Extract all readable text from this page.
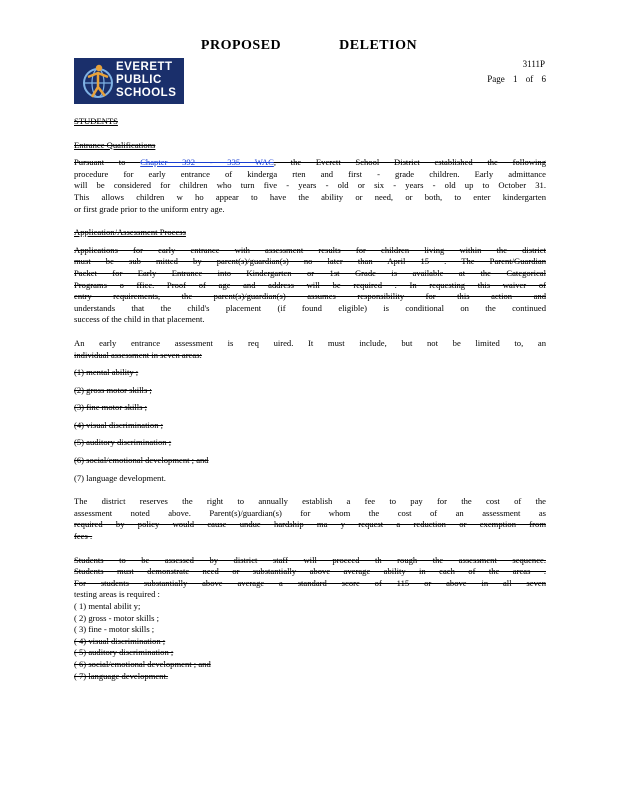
PROPOSED	DELETION
EVERETT
PUBLIC
SCHOOLS
3111P
Page 1 of 6
STUDENTS
Entrance Qualifications
Pursuant to Chapter 392 - 335 WAC, the Everett School District established the following
procedure for early entrance of kinderga rten and first - grade children. Early admittance
will be considered for children who turn five - years - old or six - years - old up to October 31.
This allows children w ho appear to have the ability or need, or both, to enter kindergarten
or first grade prior to the uniform entry age.
Application/Assessment Process
Applications for early entrance with assessment results for children living within the district
must be sub mitted by parent(s)/guardian(s) no later than April 15 . The Parent/Guardian
Packet for Early Entrance into Kindergarten or 1st Grade is available at the Categorical
Programs o ffice. Proof of age and address will be required . In requesting this waiver of
entry requirements, the parent(s)/guardian(s) assumes responsibility for this action and
understands that the child's placement (if found eligible) is conditional on the continued
success of the child in that placement.
An early entrance assessment is req uired. It must include, but not be limited to, an
individual assessment in seven areas:
(1) mental ability ;
(2) gross motor skills ;
(3) fine motor skills ;
(4) visual discrimination ;
(5) auditory discrimination ;
(6) social/emotional development ; and
(7) language development.
The district reserves the right to annually establish a fee to pay for the cost of the
assessment noted above. Parent(s)/guardian(s) for whom the cost of an assessment as
required by policy would cause undue hardship ma y request a reduction or exemption from
fees .
Students to be assessed by district staff will proceed th rough the assessment sequence.
Students must demonstrate need or substantially above average ability in each of the areas .
For students substantially above average a standard score of 115 or above in all seven
testing areas is required :
( 1) mental abilit y;
( 2) gross - motor skills ;
( 3) fine - motor skills ;
( 4) visual discrimination ;
( 5) auditory discrimination ;
( 6) social/emotional development ; and
( 7) language development.
